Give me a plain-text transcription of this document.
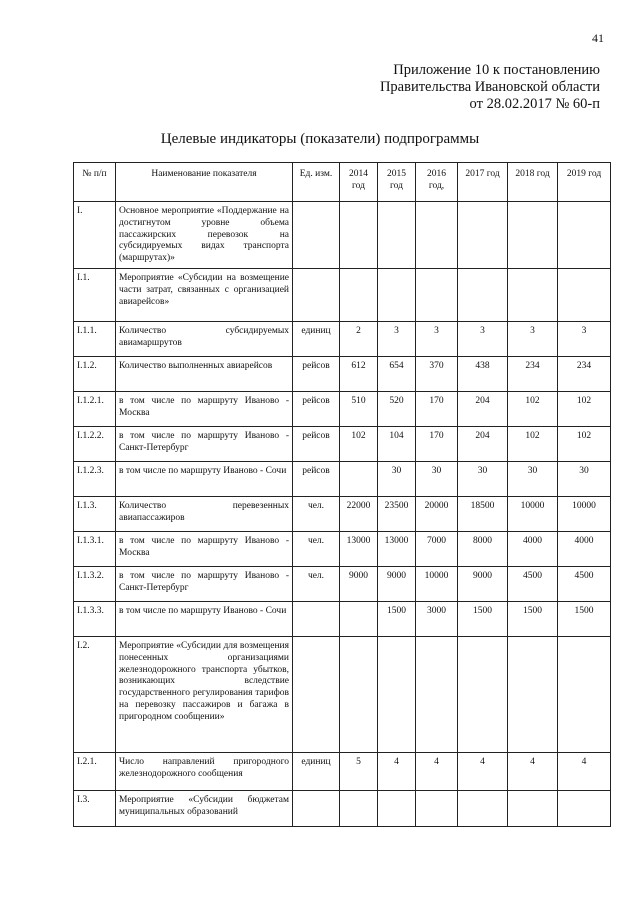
41
Приложение 10 к постановлению
Правительства Ивановской области
от 28.02.2017 № 60-п
Целевые индикаторы (показатели) подпрограммы
№ п/п	Наименование показателя	Ед. изм.	2014 год	2015 год	2016 год,	2017 год	2018 год	2019 год
I.	Основное мероприятие «Поддержание на достигнутом уровне объема пассажирских перевозок на субсидируемых видах транспорта (маршрутах)»							
I.1.	Мероприятие «Субсидии на возмещение части затрат, связанных с организацией авиарейсов»							
I.1.1.	Количество субсидируемых авиамаршрутов	единиц	2	3	3	3	3	3
I.1.2.	Количество выполненных авиарейсов	рейсов	612	654	370	438	234	234
I.1.2.1.	в том числе по маршруту Иваново - Москва	рейсов	510	520	170	204	102	102
I.1.2.2.	в том числе по маршруту Иваново - Санкт-Петербург	рейсов	102	104	170	204	102	102
I.1.2.3.	в том числе по маршруту Иваново - Сочи	рейсов		30	30	30	30	30
I.1.3.	Количество перевезенных авиапассажиров	чел.	22000	23500	20000	18500	10000	10000
I.1.3.1.	в том числе по маршруту Иваново - Москва	чел.	13000	13000	7000	8000	4000	4000
I.1.3.2.	в том числе по маршруту Иваново - Санкт-Петербург	чел.	9000	9000	10000	9000	4500	4500
I.1.3.3.	в том числе по маршруту Иваново - Сочи			1500	3000	1500	1500	1500
I.2.	Мероприятие «Субсидии для возмещения понесенных организациями железнодорожного транспорта убытков, возникающих вследствие государственного регулирования тарифов на перевозку пассажиров и багажа в пригородном сообщении»							
I.2.1.	Число направлений пригородного железнодорожного сообщения	единиц	5	4	4	4	4	4
I.3.	Мероприятие «Субсидии бюджетам муниципальных образований							
